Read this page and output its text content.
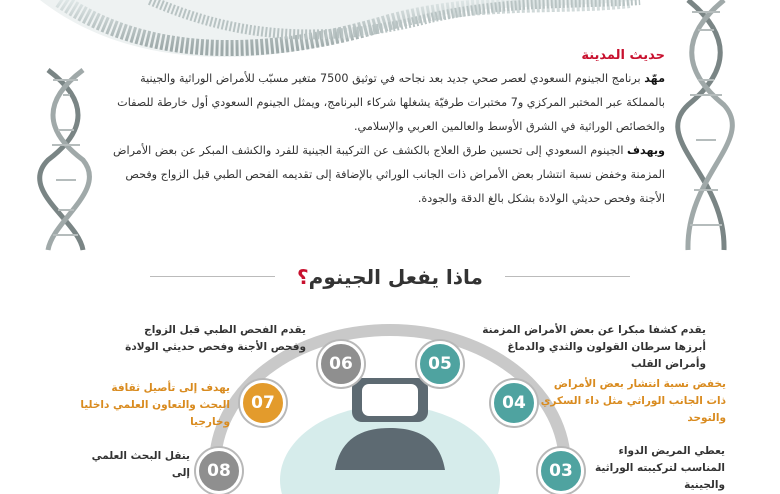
حديث المدينة

مهّد برنامج الجينوم السعودي لعصر صحي جديد بعد نجاحه في توثيق 7500 متغير مسبّب للأمراض الوراثية والجينية بالمملكة عبر المختبر المركزي و7 مختبرات طرفيّة يشغلها شركاء البرنامج، ويمثل الجينوم السعودي أول خارطة للصفات والخصائص الوراثية في الشرق الأوسط والعالمين العربي والإسلامي.

ويهدف الجينوم السعودي إلى تحسين طرق العلاج بالكشف عن التركيبة الجينية للفرد والكشف المبكر عن بعض الأمراض المزمنة وخفض نسبة انتشار بعض الأمراض ذات الجانب الوراثي بالإضافة إلى تقديمه الفحص الطبي قبل الزواج وفحص الأجنة وفحص حديثي الولادة بشكل بالغ الدقة والجودة.

ماذا يفعل الجينوم؟
06	05
07	04
08	03
يقدم كشفا مبكرا عن بعض الأمراض المزمنة أبرزها سرطان القولون والثدي والدماغ وأمراض القلب
يخفض نسبة انتشار بعض الأمراض ذات الجانب الوراثي مثل داء السكري والتوحد
يعطي المريض الدواء المناسب لتركيبته الوراثية والجينية
يقدم الفحص الطبي قبل الزواج وفحص الأجنة وفحص حديثي الولادة
يهدف إلى تأصيل ثقافة البحث والتعاون العلمي داخليا وخارجيا
ينقل البحث العلمي إلى
